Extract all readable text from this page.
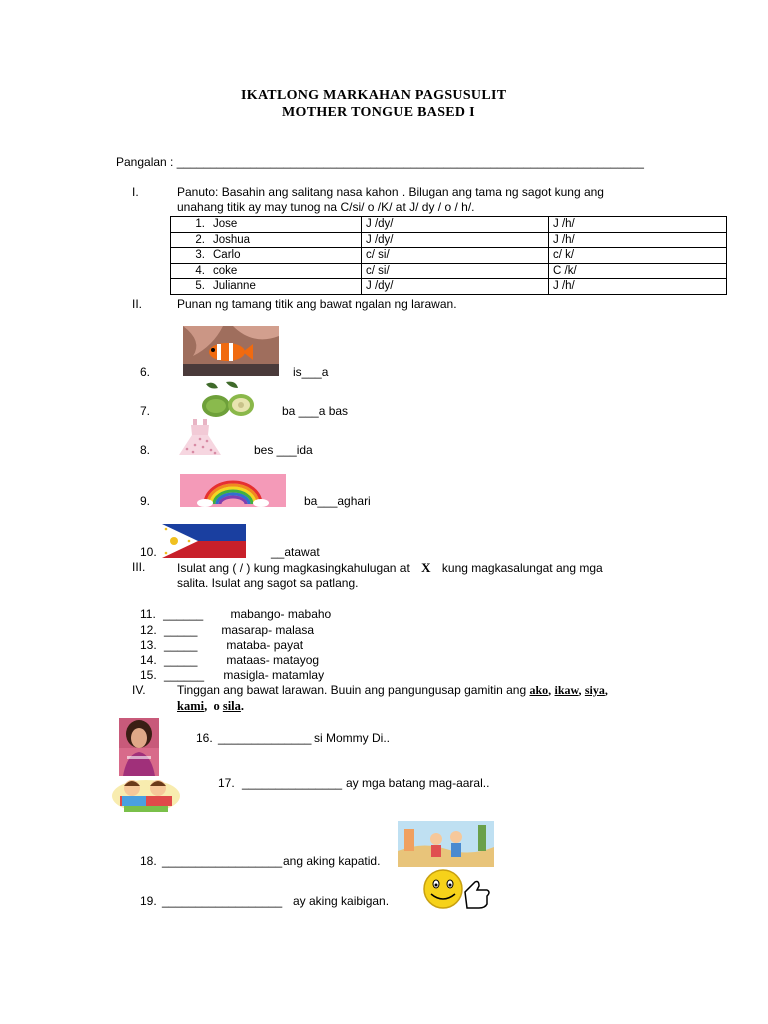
IKATLONG MARKAHAN PAGSUSULIT
MOTHER TONGUE BASED I
Pangalan : ______________________________________________________________________
I.	Panuto: Basahin ang salitang nasa kahon . Bilugan ang tama ng sagot kung ang
unahang titik ay may tunog na C/si/ o /K/ at J/ dy / o / h/.
1. Jose	J /dy/	J /h/
2. Joshua	J /dy/	J /h/
3. Carlo	c/ si/	c/ k/
4. coke	c/ si/	C /k/
5. Julianne	J /dy/	J /h/
II.	Punan ng tamang titik ang bawat ngalan ng larawan.
6.	is___a
7.	ba ___a bas
8.	bes ___ida
9.	ba___aghari
10.	__atawat
III.	Isulat ang ( / ) kung magkasingkahulugan at X kung magkasalungat ang mga
salita. Isulat ang sagot sa patlang.
11. ______ mabango- mabaho
12. _____ masarap- malasa
13. _____ mataba- payat
14. _____ mataas- matayog
15. ______ masigla- matamlay
IV.	Tinggan ang bawat larawan. Buuin ang pangungusap gamitin ang ako, ikaw, siya,
kami, o sila.
16. ______________ si Mommy Di..
17. _______________ ay mga batang mag-aaral..
18. __________________ ang aking kapatid.
19. __________________ ay aking kaibigan.
